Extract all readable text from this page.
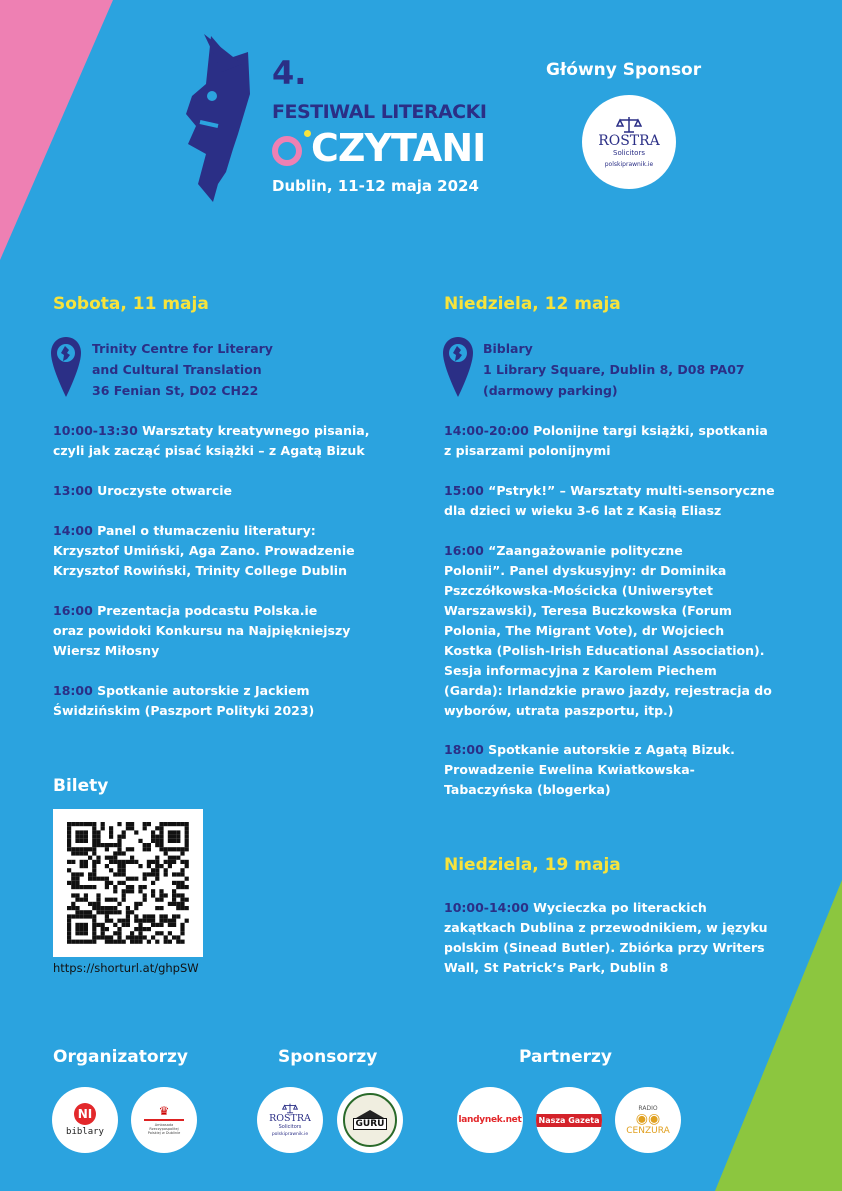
4.
FESTIWAL LITERACKI
CZYTANI
Dublin, 11-12 maja 2024
Główny Sponsor
ROSTRA
Solicitors
polskiprawnik.ie
Sobota, 11 maja
Trinity Centre for Literary
and Cultural Translation
36 Fenian St, D02 CH22
10:00-13:30 Warsztaty kreatywnego pisania,
czyli jak zacząć pisać książki – z Agatą Bizuk
13:00 Uroczyste otwarcie
14:00 Panel o tłumaczeniu literatury:
Krzysztof Umiński, Aga Zano. Prowadzenie
Krzysztof Rowiński, Trinity College Dublin
16:00 Prezentacja podcastu Polska.ie
oraz powidoki Konkursu na Najpiękniejszy
Wiersz Miłosny
18:00 Spotkanie autorskie z Jackiem
Świdzińskim (Paszport Polityki 2023)
Bilety
https://shorturl.at/ghpSW
Niedziela, 12 maja
Biblary
1 Library Square, Dublin 8, D08 PA07
(darmowy parking)
14:00-20:00 Polonijne targi książki, spotkania
z pisarzami polonijnymi
15:00 “Pstryk!” – Warsztaty multi-sensoryczne
dla dzieci w wieku 3-6 lat z Kasią Eliasz
16:00 “Zaangażowanie polityczne
Polonii”. Panel dyskusyjny: dr Dominika
Pszczółkowska-Mościcka (Uniwersytet
Warszawski), Teresa Buczkowska (Forum
Polonia, The Migrant Vote), dr Wojciech
Kostka (Polish-Irish Educational Association).
Sesja informacyjna z Karolem Piechem
(Garda): Irlandzkie prawo jazdy, rejestracja do
wyborów, utrata paszportu, itp.)
18:00 Spotkanie autorskie z Agatą Bizuk.
Prowadzenie Ewelina Kwiatkowska-
Tabaczyńska (blogerka)
Niedziela, 19 maja
10:00-14:00 Wycieczka po literackich
zakątkach Dublina z przewodnikiem, w języku
polskim (Sinead Butler). Zbiórka przy Writers
Wall, St Patrick’s Park, Dublin 8
Organizatorzy	Sponsorzy	Partnerzy
NI
biblary
♛
Ambasada Rzeczypospolitej Polskiej w Dublinie
ROSTRA
Solicitors
polskiprawnik.ie
GURU	landynek.net	Nasza Gazeta
RADIO
◉◉
CENZURA
